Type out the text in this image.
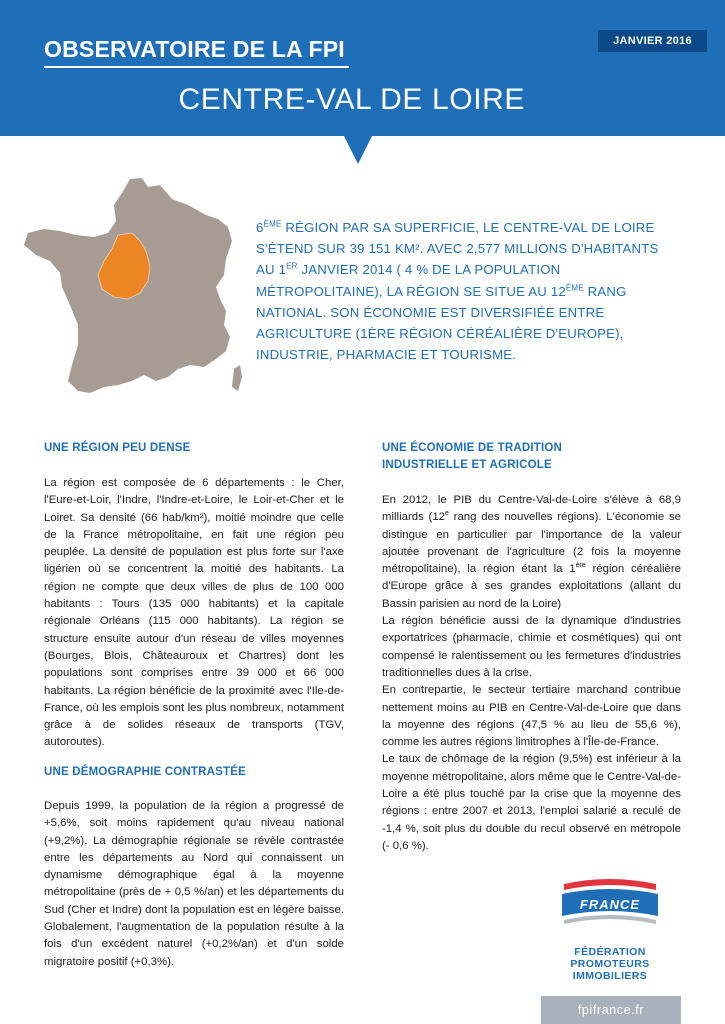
OBSERVATOIRE DE LA FPI	JANVIER 2016
CENTRE-VAL DE LOIRE
6ÈME RÉGION PAR SA SUPERFICIE, LE CENTRE-VAL DE LOIRE S'ÉTEND SUR 39 151 KM². AVEC 2,577 MILLIONS D'HABITANTS AU 1ER JANVIER 2014 ( 4 % DE LA POPULATION MÉTROPOLITAINE), LA RÉGION SE SITUE AU 12ÈME RANG NATIONAL. SON ÉCONOMIE EST DIVERSIFIÉE ENTRE AGRICULTURE (1ÈRE RÉGION CÉRÉALIÈRE D'EUROPE), INDUSTRIE, PHARMACIE ET TOURISME.
UNE RÉGION PEU DENSE

La région est composée de 6 départements : le Cher, l'Eure-et-Loir, l'Indre, l'Indre-et-Loire, le Loir-et-Cher et le Loiret. Sa densité (66 hab/km²), moitié moindre que celle de la France métropolitaine, en fait une région peu peuplée. La densité de population est plus forte sur l'axe ligérien où se concentrent la moitié des habitants. La région ne compte que deux villes de plus de 100 000 habitants : Tours (135 000 habitants) et la capitale régionale Orléans (115 000 habitants). La région se structure ensuite autour d'un réseau de villes moyennes (Bourges, Blois, Châteauroux et Chartres) dont les populations sont comprises entre 39 000 et 66 000 habitants. La région bénéficie de la proximité avec l'Ile-de-France, où les emplois sont les plus nombreux, notamment grâce à de solides réseaux de transports (TGV, autoroutes).

UNE DÉMOGRAPHIE CONTRASTÉE

Depuis 1999, la population de la région a progressé de +5,6%, soit moins rapidement qu'au niveau national (+9,2%). La démographie régionale se révèle contrastée entre les départements au Nord qui connaissent un dynamisme démographique égal à la moyenne métropolitaine (près de + 0,5 %/an) et les départements du Sud (Cher et Indre) dont la population est en légère baisse. Globalement, l'augmentation de la population résulte à la fois d'un excédent naturel (+0,2%/an) et d'un solde migratoire positif (+0,3%).

UNE ÉCONOMIE DE TRADITION INDUSTRIELLE ET AGRICOLE

En 2012, le PIB du Centre-Val-de-Loire s'élève à 68,9 milliards (12e rang des nouvelles régions). L'économie se distingue en particulier par l'importance de la valeur ajoutée provenant de l'agriculture (2 fois la moyenne métropolitaine), la région étant la 1ère région céréalière d'Europe grâce à ses grandes exploitations (allant du Bassin parisien au nord de la Loire)

La région bénéficie aussi de la dynamique d'industries exportatrices (pharmacie, chimie et cosmétiques) qui ont compensé le ralentissement ou les fermetures d'industries traditionnelles dues à la crise.

En contrepartie, le secteur tertiaire marchand contribue nettement moins au PIB en Centre-Val-de-Loire que dans la moyenne des régions (47,5 % au lieu de 55,6 %), comme les autres régions limitrophes à l'Île-de-France.

Le taux de chômage de la région (9,5%) est inférieur à la moyenne métropolitaine, alors même que le Centre-Val-de-Loire a été plus touché par la crise que la moyenne des régions : entre 2007 et 2013, l'emploi salarié a reculé de -1,4 %, soit plus du double du recul observé en métropole (- 0,6 %).

FRANCE
FÉDÉRATION
PROMOTEURS
IMMOBILIERS
fpifrance.fr
